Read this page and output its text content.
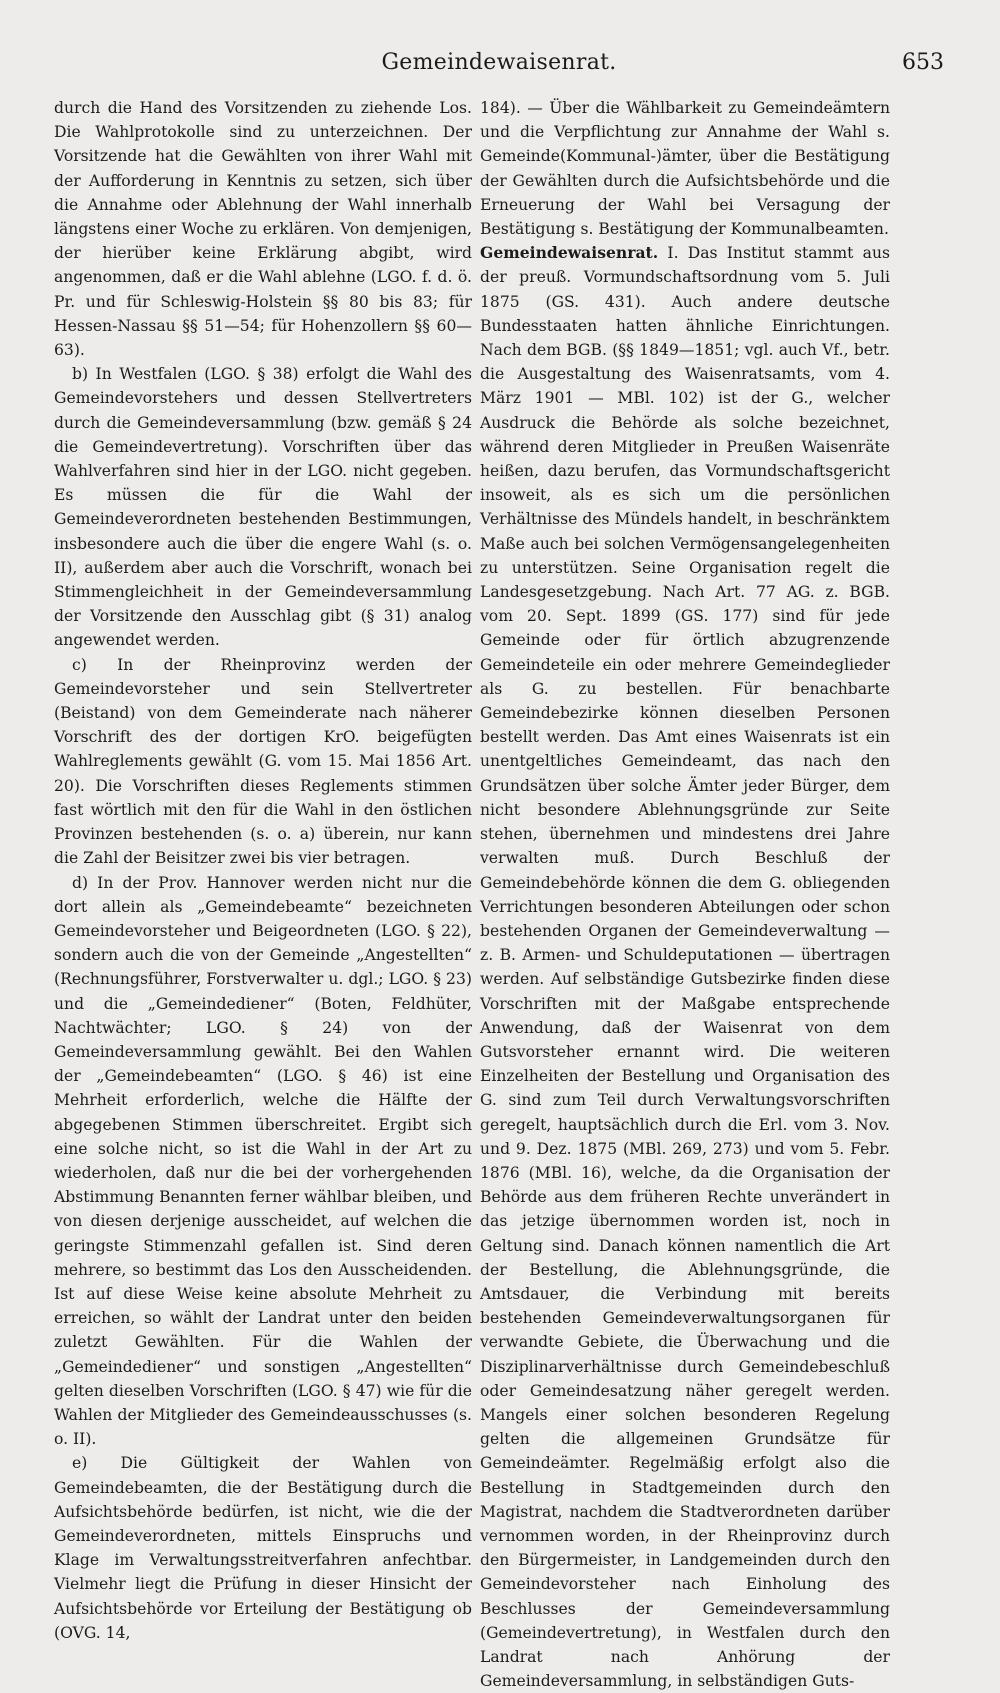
Gemeindewaisenrat.	653

durch die Hand des Vorsitzenden zu ziehende Los. Die Wahlprotokolle sind zu unterzeichnen. Der Vorsitzende hat die Gewählten von ihrer Wahl mit der Aufforderung in Kenntnis zu setzen, sich über die Annahme oder Ablehnung der Wahl innerhalb längstens einer Woche zu erklären. Von demjenigen, der hierüber keine Erklärung abgibt, wird angenommen, daß er die Wahl ablehne (LGO. f. d. ö. Pr. und für Schleswig-Holstein §§ 80 bis 83; für Hessen-Nassau §§ 51—54; für Hohenzollern §§ 60—63).

b) In Westfalen (LGO. § 38) erfolgt die Wahl des Gemeindevorstehers und dessen Stellvertreters durch die Gemeindeversammlung (bzw. gemäß § 24 die Gemeindevertretung). Vorschriften über das Wahlverfahren sind hier in der LGO. nicht gegeben. Es müssen die für die Wahl der Gemeindeverordneten bestehenden Bestimmungen, insbesondere auch die über die engere Wahl (s. o. II), außerdem aber auch die Vorschrift, wonach bei Stimmengleichheit in der Gemeindeversammlung der Vorsitzende den Ausschlag gibt (§ 31) analog angewendet werden.

c) In der Rheinprovinz werden der Gemeindevorsteher und sein Stellvertreter (Beistand) von dem Gemeinderate nach näherer Vorschrift des der dortigen KrO. beigefügten Wahlreglements gewählt (G. vom 15. Mai 1856 Art. 20). Die Vorschriften dieses Reglements stimmen fast wörtlich mit den für die Wahl in den östlichen Provinzen bestehenden (s. o. a) überein, nur kann die Zahl der Beisitzer zwei bis vier betragen.

d) In der Prov. Hannover werden nicht nur die dort allein als „Gemeindebeamte“ bezeichneten Gemeindevorsteher und Beigeordneten (LGO. § 22), sondern auch die von der Gemeinde „Angestellten“ (Rechnungsführer, Forstverwalter u. dgl.; LGO. § 23) und die „Gemeindediener“ (Boten, Feldhüter, Nachtwächter; LGO. § 24) von der Gemeindeversammlung gewählt. Bei den Wahlen der „Gemeindebeamten“ (LGO. § 46) ist eine Mehrheit erforderlich, welche die Hälfte der abgegebenen Stimmen überschreitet. Ergibt sich eine solche nicht, so ist die Wahl in der Art zu wiederholen, daß nur die bei der vorhergehenden Abstimmung Benannten ferner wählbar bleiben, und von diesen derjenige ausscheidet, auf welchen die geringste Stimmenzahl gefallen ist. Sind deren mehrere, so bestimmt das Los den Ausscheidenden. Ist auf diese Weise keine absolute Mehrheit zu erreichen, so wählt der Landrat unter den beiden zuletzt Gewählten. Für die Wahlen der „Gemeindediener“ und sonstigen „Angestellten“ gelten dieselben Vorschriften (LGO. § 47) wie für die Wahlen der Mitglieder des Gemeindeausschusses (s. o. II).

e) Die Gültigkeit der Wahlen von Gemeindebeamten, die der Bestätigung durch die Aufsichtsbehörde bedürfen, ist nicht, wie die der Gemeindeverordneten, mittels Einspruchs und Klage im Verwaltungsstreitverfahren anfechtbar. Vielmehr liegt die Prüfung in dieser Hinsicht der Aufsichtsbehörde vor Erteilung der Bestätigung ob (OVG. 14,

184). — Über die Wählbarkeit zu Gemeindeämtern und die Verpflichtung zur Annahme der Wahl s. Gemeinde(Kommunal-)ämter, über die Bestätigung der Gewählten durch die Aufsichtsbehörde und die Erneuerung der Wahl bei Versagung der Bestätigung s. Bestätigung der Kommunalbeamten.

Gemeindewaisenrat. I. Das Institut stammt aus der preuß. Vormundschaftsordnung vom 5. Juli 1875 (GS. 431). Auch andere deutsche Bundesstaaten hatten ähnliche Einrichtungen. Nach dem BGB. (§§ 1849—1851; vgl. auch Vf., betr. die Ausgestaltung des Waisenratsamts, vom 4. März 1901 — MBl. 102) ist der G., welcher Ausdruck die Behörde als solche bezeichnet, während deren Mitglieder in Preußen Waisenräte heißen, dazu berufen, das Vormundschaftsgericht insoweit, als es sich um die persönlichen Verhältnisse des Mündels handelt, in beschränktem Maße auch bei solchen Vermögensangelegenheiten zu unterstützen. Seine Organisation regelt die Landesgesetzgebung. Nach Art. 77 AG. z. BGB. vom 20. Sept. 1899 (GS. 177) sind für jede Gemeinde oder für örtlich abzugrenzende Gemeindeteile ein oder mehrere Gemeindeglieder als G. zu bestellen. Für benachbarte Gemeindebezirke können dieselben Personen bestellt werden. Das Amt eines Waisenrats ist ein unentgeltliches Gemeindeamt, das nach den Grundsätzen über solche Ämter jeder Bürger, dem nicht besondere Ablehnungsgründe zur Seite stehen, übernehmen und mindestens drei Jahre verwalten muß. Durch Beschluß der Gemeindebehörde können die dem G. obliegenden Verrichtungen besonderen Abteilungen oder schon bestehenden Organen der Gemeindeverwaltung — z. B. Armen- und Schuldeputationen — übertragen werden. Auf selbständige Gutsbezirke finden diese Vorschriften mit der Maßgabe entsprechende Anwendung, daß der Waisenrat von dem Gutsvorsteher ernannt wird. Die weiteren Einzelheiten der Bestellung und Organisation des G. sind zum Teil durch Verwaltungsvorschriften geregelt, hauptsächlich durch die Erl. vom 3. Nov. und 9. Dez. 1875 (MBl. 269, 273) und vom 5. Febr. 1876 (MBl. 16), welche, da die Organisation der Behörde aus dem früheren Rechte unverändert in das jetzige übernommen worden ist, noch in Geltung sind. Danach können namentlich die Art der Bestellung, die Ablehnungsgründe, die Amtsdauer, die Verbindung mit bereits bestehenden Gemeindeverwaltungsorganen für verwandte Gebiete, die Überwachung und die Disziplinarverhältnisse durch Gemeindebeschluß oder Gemeindesatzung näher geregelt werden. Mangels einer solchen besonderen Regelung gelten die allgemeinen Grundsätze für Gemeindeämter. Regelmäßig erfolgt also die Bestellung in Stadtgemeinden durch den Magistrat, nachdem die Stadtverordneten darüber vernommen worden, in der Rheinprovinz durch den Bürgermeister, in Landgemeinden durch den Gemeindevorsteher nach Einholung des Beschlusses der Gemeindeversammlung (Gemeindevertretung), in Westfalen durch den Landrat nach Anhörung der Gemeindeversammlung, in selbständigen Guts-
